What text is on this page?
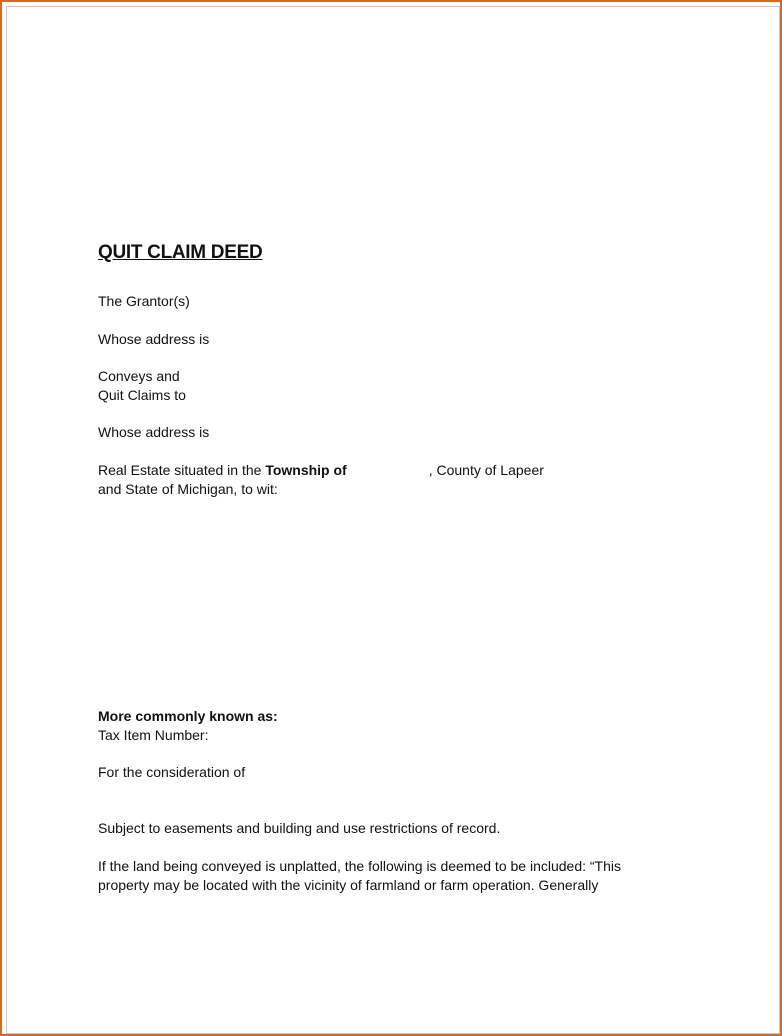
QUIT CLAIM DEED
The Grantor(s)
Whose address is
Conveys and
Quit Claims to
Whose address is
Real Estate situated in the Township of	, County of Lapeer
and State of Michigan, to wit:
More commonly known as:
Tax Item Number:
For the consideration of
Subject to easements and building and use restrictions of record.
If the land being conveyed is unplatted, the following is deemed to be included: “This
property may be located with the vicinity of farmland or farm operation. Generally
